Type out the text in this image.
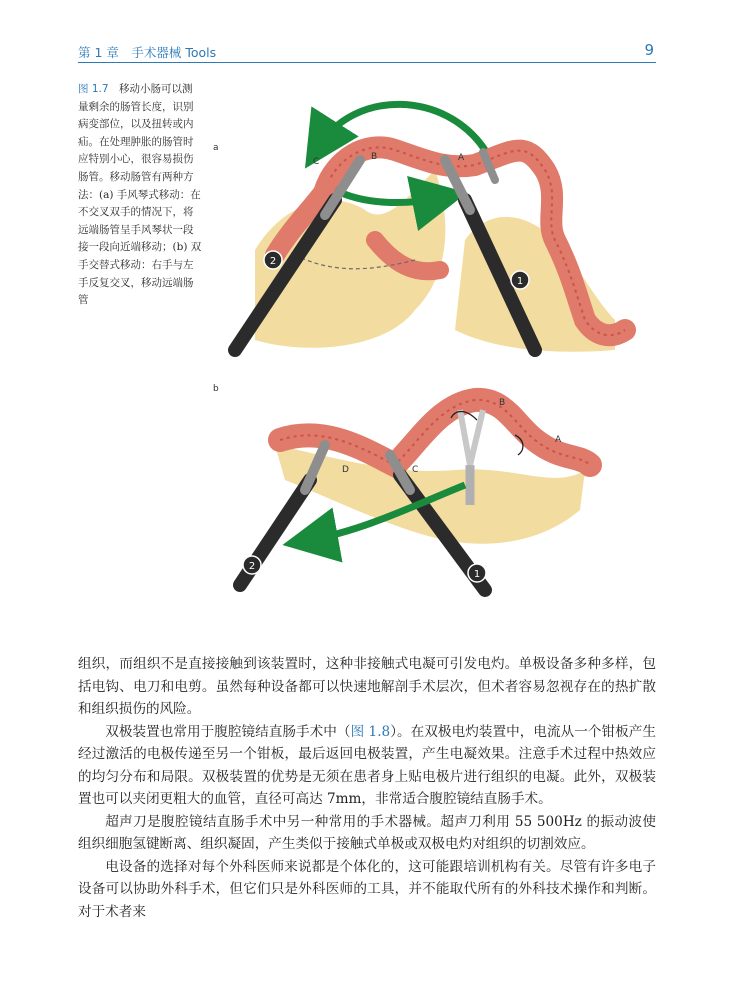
第 1 章　手术器械 Tools	9
图 1.7　移动小肠可以测量剩余的肠管长度，识别病变部位，以及扭转或内疝。在处理肿胀的肠管时应特别小心，很容易损伤肠管。移动肠管有两种方法：(a) 手风琴式移动：在不交叉双手的情况下，将远端肠管呈手风琴状一段接一段向近端移动；(b) 双手交替式移动：右手与左手反复交叉，移动远端肠管
a
b
2
1
A
B
C
1
2
A
B
C
D

组织，而组织不是直接接触到该装置时，这种非接触式电凝可引发电灼。单极设备多种多样，包括电钩、电刀和电剪。虽然每种设备都可以快速地解剖手术层次，但术者容易忽视存在的热扩散和组织损伤的风险。

双极装置也常用于腹腔镜结直肠手术中（图 1.8）。在双极电灼装置中，电流从一个钳板产生经过激活的电极传递至另一个钳板，最后返回电极装置，产生电凝效果。注意手术过程中热效应的均匀分布和局限。双极装置的优势是无须在患者身上贴电极片进行组织的电凝。此外，双极装置也可以夹闭更粗大的血管，直径可高达 7mm，非常适合腹腔镜结直肠手术。

超声刀是腹腔镜结直肠手术中另一种常用的手术器械。超声刀利用 55 500Hz 的振动波使组织细胞氢键断离、组织凝固，产生类似于接触式单极或双极电灼对组织的切割效应。

电设备的选择对每个外科医师来说都是个体化的，这可能跟培训机构有关。尽管有许多电子设备可以协助外科手术，但它们只是外科医师的工具，并不能取代所有的外科技术操作和判断。对于术者来
